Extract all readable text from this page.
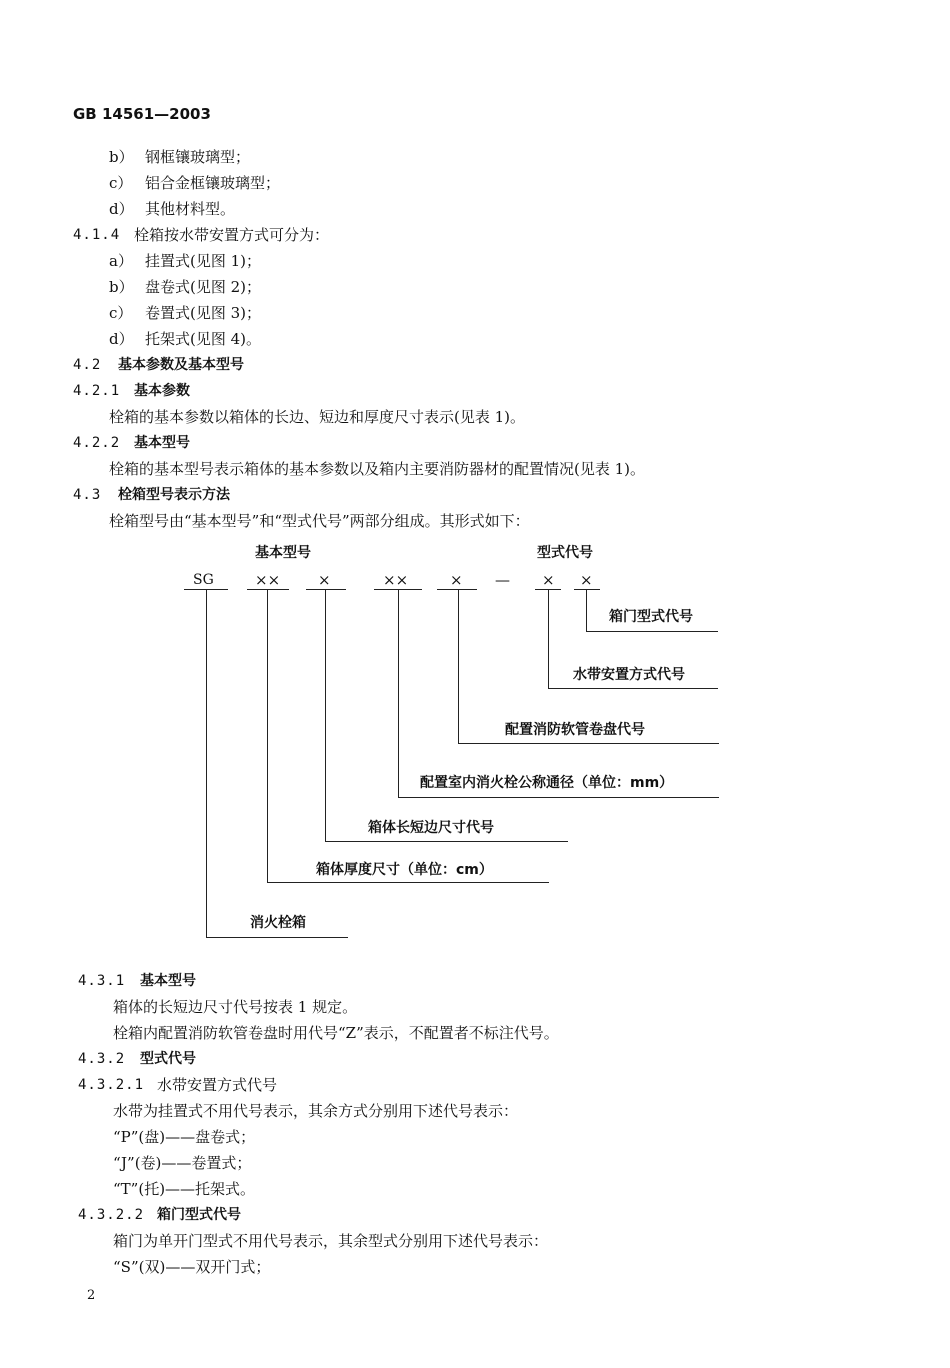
GB 14561—2003
b） 钢框镶玻璃型；
c） 铝合金框镶玻璃型；
d） 其他材料型。
4.1.4 栓箱按水带安置方式可分为：
a） 挂置式(见图 1)；
b） 盘卷式(见图 2)；
c） 卷置式(见图 3)；
d） 托架式(见图 4)。
4.2 基本参数及基本型号
4.2.1 基本参数
栓箱的基本参数以箱体的长边、短边和厚度尺寸表示(见表 1)。
4.2.2 基本型号
栓箱的基本型号表示箱体的基本参数以及箱内主要消防器材的配置情况(见表 1)。
4.3 栓箱型号表示方法
栓箱型号由“基本型号”和“型式代号”两部分组成。其形式如下：
基本型号	型式代号
SG	××	×	××	× — × ×
箱门型式代号
水带安置方式代号
配置消防软管卷盘代号
配置室内消火栓公称通径（单位：mm）
箱体长短边尺寸代号
箱体厚度尺寸（单位：cm）
消火栓箱
4.3.1 基本型号
箱体的长短边尺寸代号按表 1 规定。
栓箱内配置消防软管卷盘时用代号“Z”表示，不配置者不标注代号。
4.3.2 型式代号
4.3.2.1 水带安置方式代号
水带为挂置式不用代号表示，其余方式分别用下述代号表示：
“P”(盘)——盘卷式；
“J”(卷)——卷置式；
“T”(托)——托架式。
4.3.2.2 箱门型式代号
箱门为单开门型式不用代号表示，其余型式分别用下述代号表示：
“S”(双)——双开门式；
2
